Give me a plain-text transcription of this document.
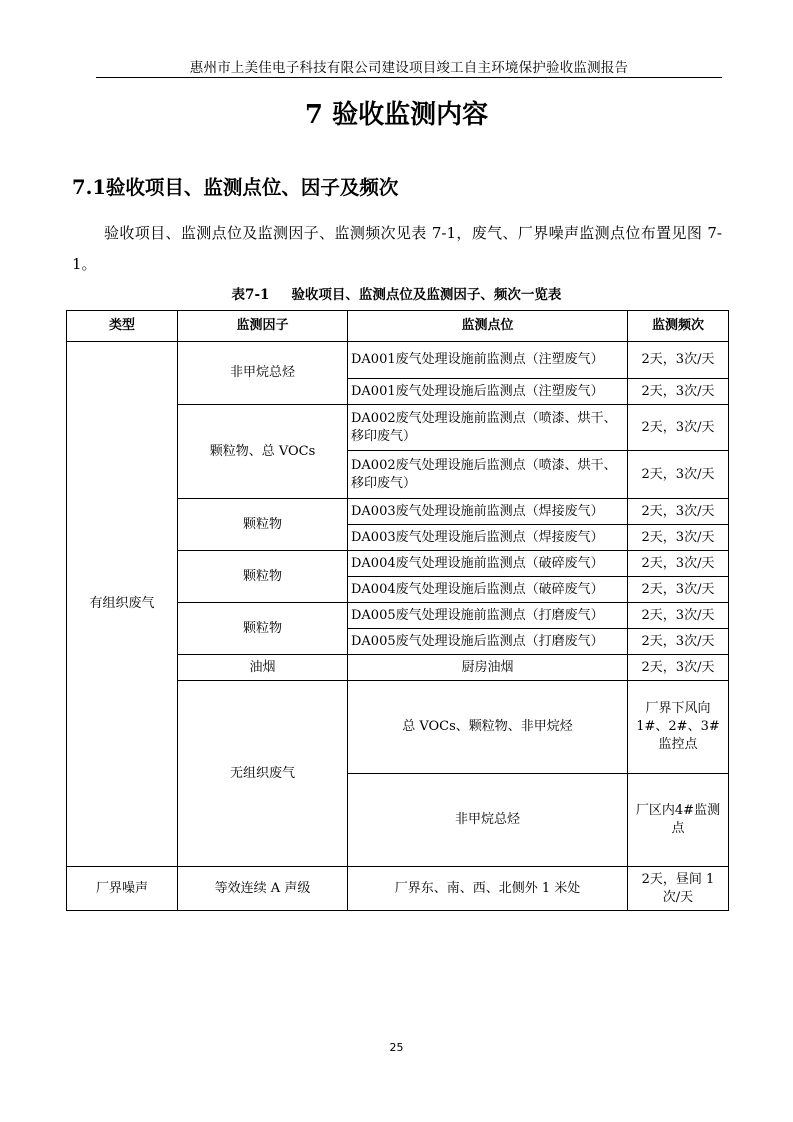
惠州市上美佳电子科技有限公司建设项目竣工自主环境保护验收监测报告
7 验收监测内容
7.1验收项目、监测点位、因子及频次

验收项目、监测点位及监测因子、监测频次见表 7-1，废气、厂界噪声监测点位布置见图 7-1。

表7-1 验收项目、监测点位及监测因子、频次一览表
类型	监测因子	监测点位	监测频次	
有组织废气	非甲烷总烃	DA001废气处理设施前监测点（注塑废气）	2天，3次/天	
		DA001废气处理设施后监测点（注塑废气）	2天，3次/天	
	颗粒物、总 VOCs	DA002废气处理设施前监测点（喷漆、烘干、移印废气）	2天，3次/天	
		DA002废气处理设施后监测点（喷漆、烘干、移印废气）	2天，3次/天	
	颗粒物	DA003废气处理设施前监测点（焊接废气）	2天，3次/天	
		DA003废气处理设施后监测点（焊接废气）	2天，3次/天	
	颗粒物	DA004废气处理设施前监测点（破碎废气）	2天，3次/天	
		DA004废气处理设施后监测点（破碎废气）	2天，3次/天	
	颗粒物	DA005废气处理设施前监测点（打磨废气）	2天，3次/天	
		DA005废气处理设施后监测点（打磨废气）	2天，3次/天	
	油烟	厨房油烟	2天，3次/天	
	无组织废气	总 VOCs、颗粒物、非甲烷烃	厂界下风向1#、2#、3#监控点	
		非甲烷总烃	厂区内4#监测点	
厂界噪声	等效连续 A 声级	厂界东、南、西、北侧外 1 米处	2天，昼间 1 次/天	
25
